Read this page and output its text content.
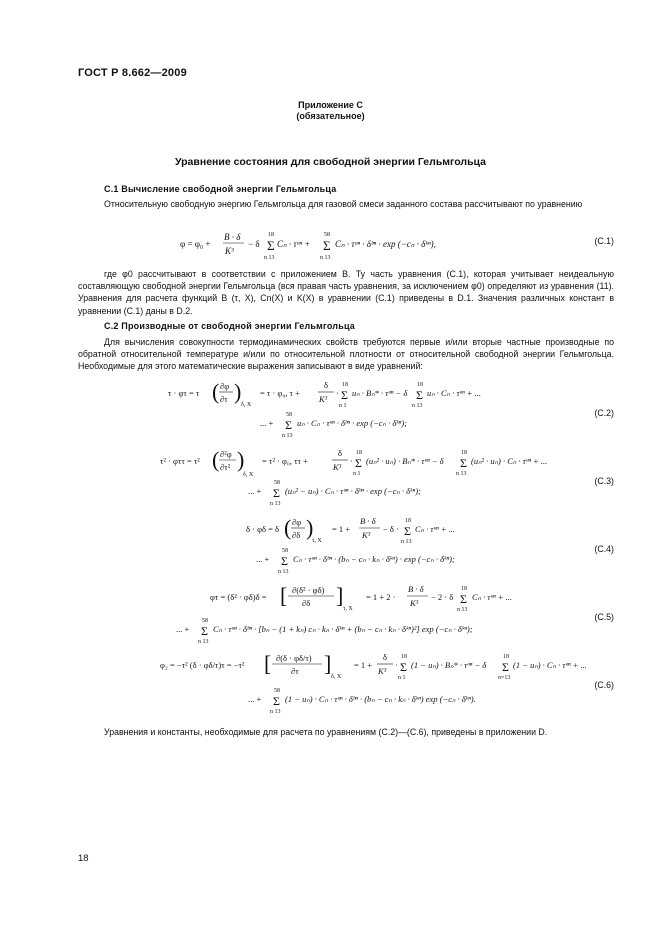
ГОСТ Р 8.662—2009
Приложение С
(обязательное)
Уравнение состояния для свободной энергии Гельмгольца
С.1 Вычисление свободной энергии Гельмгольца

Относительную свободную энергию Гельмгольца для газовой смеси заданного состава рассчитывают по уравнению

φ = φ₀ +
B · δ
K³
− δ Σ
18
n 13
Cₙ · τᵘⁿ + Σ
58
n 13
Cₙ · τᵘⁿ · δᵇⁿ · exp (−cₙ · δᵏⁿ),	(С.1)

где φ0 рассчитывают в соответствии с приложением В. Ту часть уравнения (С.1), которая учитывает неидеальную составляющую свободной энергии Гельмгольца (вся правая часть уравнения, за исключением φ0) определяют из уравнения (11). Уравнения для расчета функций B (τ, X), Cn(X) и K(X) в уравнении (С.1) приведены в D.1. Значения различных констант в уравнении (С.1) даны в D.2.

С.2 Производные от свободной энергии Гельмгольца

Для вычисления совокупности термодинамических свойств требуются первые и/или вторые частные производные по обратной относительной температуре и/или по относительной плотности от относительной свободной энергии Гельмгольца. Необходимые для этого математические выражения записывают в виде уравнений:

τ · φτ = τ ( ∂φ
∂τ )
δ, X
= τ · φ₀, τ +
δ
K³
· Σ
18
n 1
uₙ · Bₙ* · τᵘⁿ − δ Σ
18
n 13
uₙ · Cₙ · τᵘⁿ + ...
... + Σ
58
n 13
uₙ · Cₙ · τᵘⁿ · δᵇⁿ · exp (−cₙ · δᵏⁿ);
(С.2)
τ² · φττ = τ² ( ∂²φ
∂τ² )
δ, X
= τ² · φ₀, ττ +
δ
K³
· Σ
18
n 1
(uₙ² · uₙ) · Bₙ* · τᵘⁿ − δ Σ
18
n 13
(uₙ² · uₙ) · Cₙ · τᵘⁿ + ...
... + Σ
58
n 13
(uₙ² − uₙ) · Cₙ · τᵘⁿ · δᵇⁿ · exp (−cₙ · δᵏⁿ);
(С.3)
δ · φδ = δ ( ∂φ
∂δ )
τ, X
= 1 +
B · δ
K³
− δ · Σ
18
n 13
Cₙ · τᵘⁿ + ...
... + Σ
58
n 13
Cₙ · τᵘⁿ · δᵇⁿ · (bₙ − cₙ · kₙ · δᵏⁿ) · exp (−cₙ · δᵏⁿ);
(С.4)
φτ = (δ² · φδ)δ = [ ∂(δ² · φδ)
∂δ ]
τ, X
= 1 + 2 ·
B · δ
K³
− 2 · δ Σ
18
n 13
Cₙ · τᵘⁿ + ...
... + Σ
58
n 13
Cₙ · τᵘⁿ · δᵇⁿ · [bₙ − (1 + kₙ) cₙ · kₙ · δᵏⁿ + (bₙ − cₙ · kₙ · δᵏⁿ)²] exp (−cₙ · δᵏⁿ);
(С.5)
φ₂ = −τ² (δ · φδ/τ)τ = −τ² [ ∂(δ · φδ/τ)
∂τ ]
δ, X
= 1 +
δ
K³
· Σ
18
n 1
(1 − uₙ) · Bₙ* · τᵘⁿ − δ Σ
18
n=13
(1 − uₙ) · Cₙ · τᵘⁿ + ...
... + Σ
58
n 13
(1 − uₙ) · Cₙ · τᵘⁿ · δᵇⁿ · (bₙ − cₙ · kₙ · δᵏⁿ) exp (−cₙ · δᵏⁿ).
(С.6)
Уравнения и константы, необходимые для расчета по уравнениям (С.2)—(С.6), приведены в приложении D.
18
